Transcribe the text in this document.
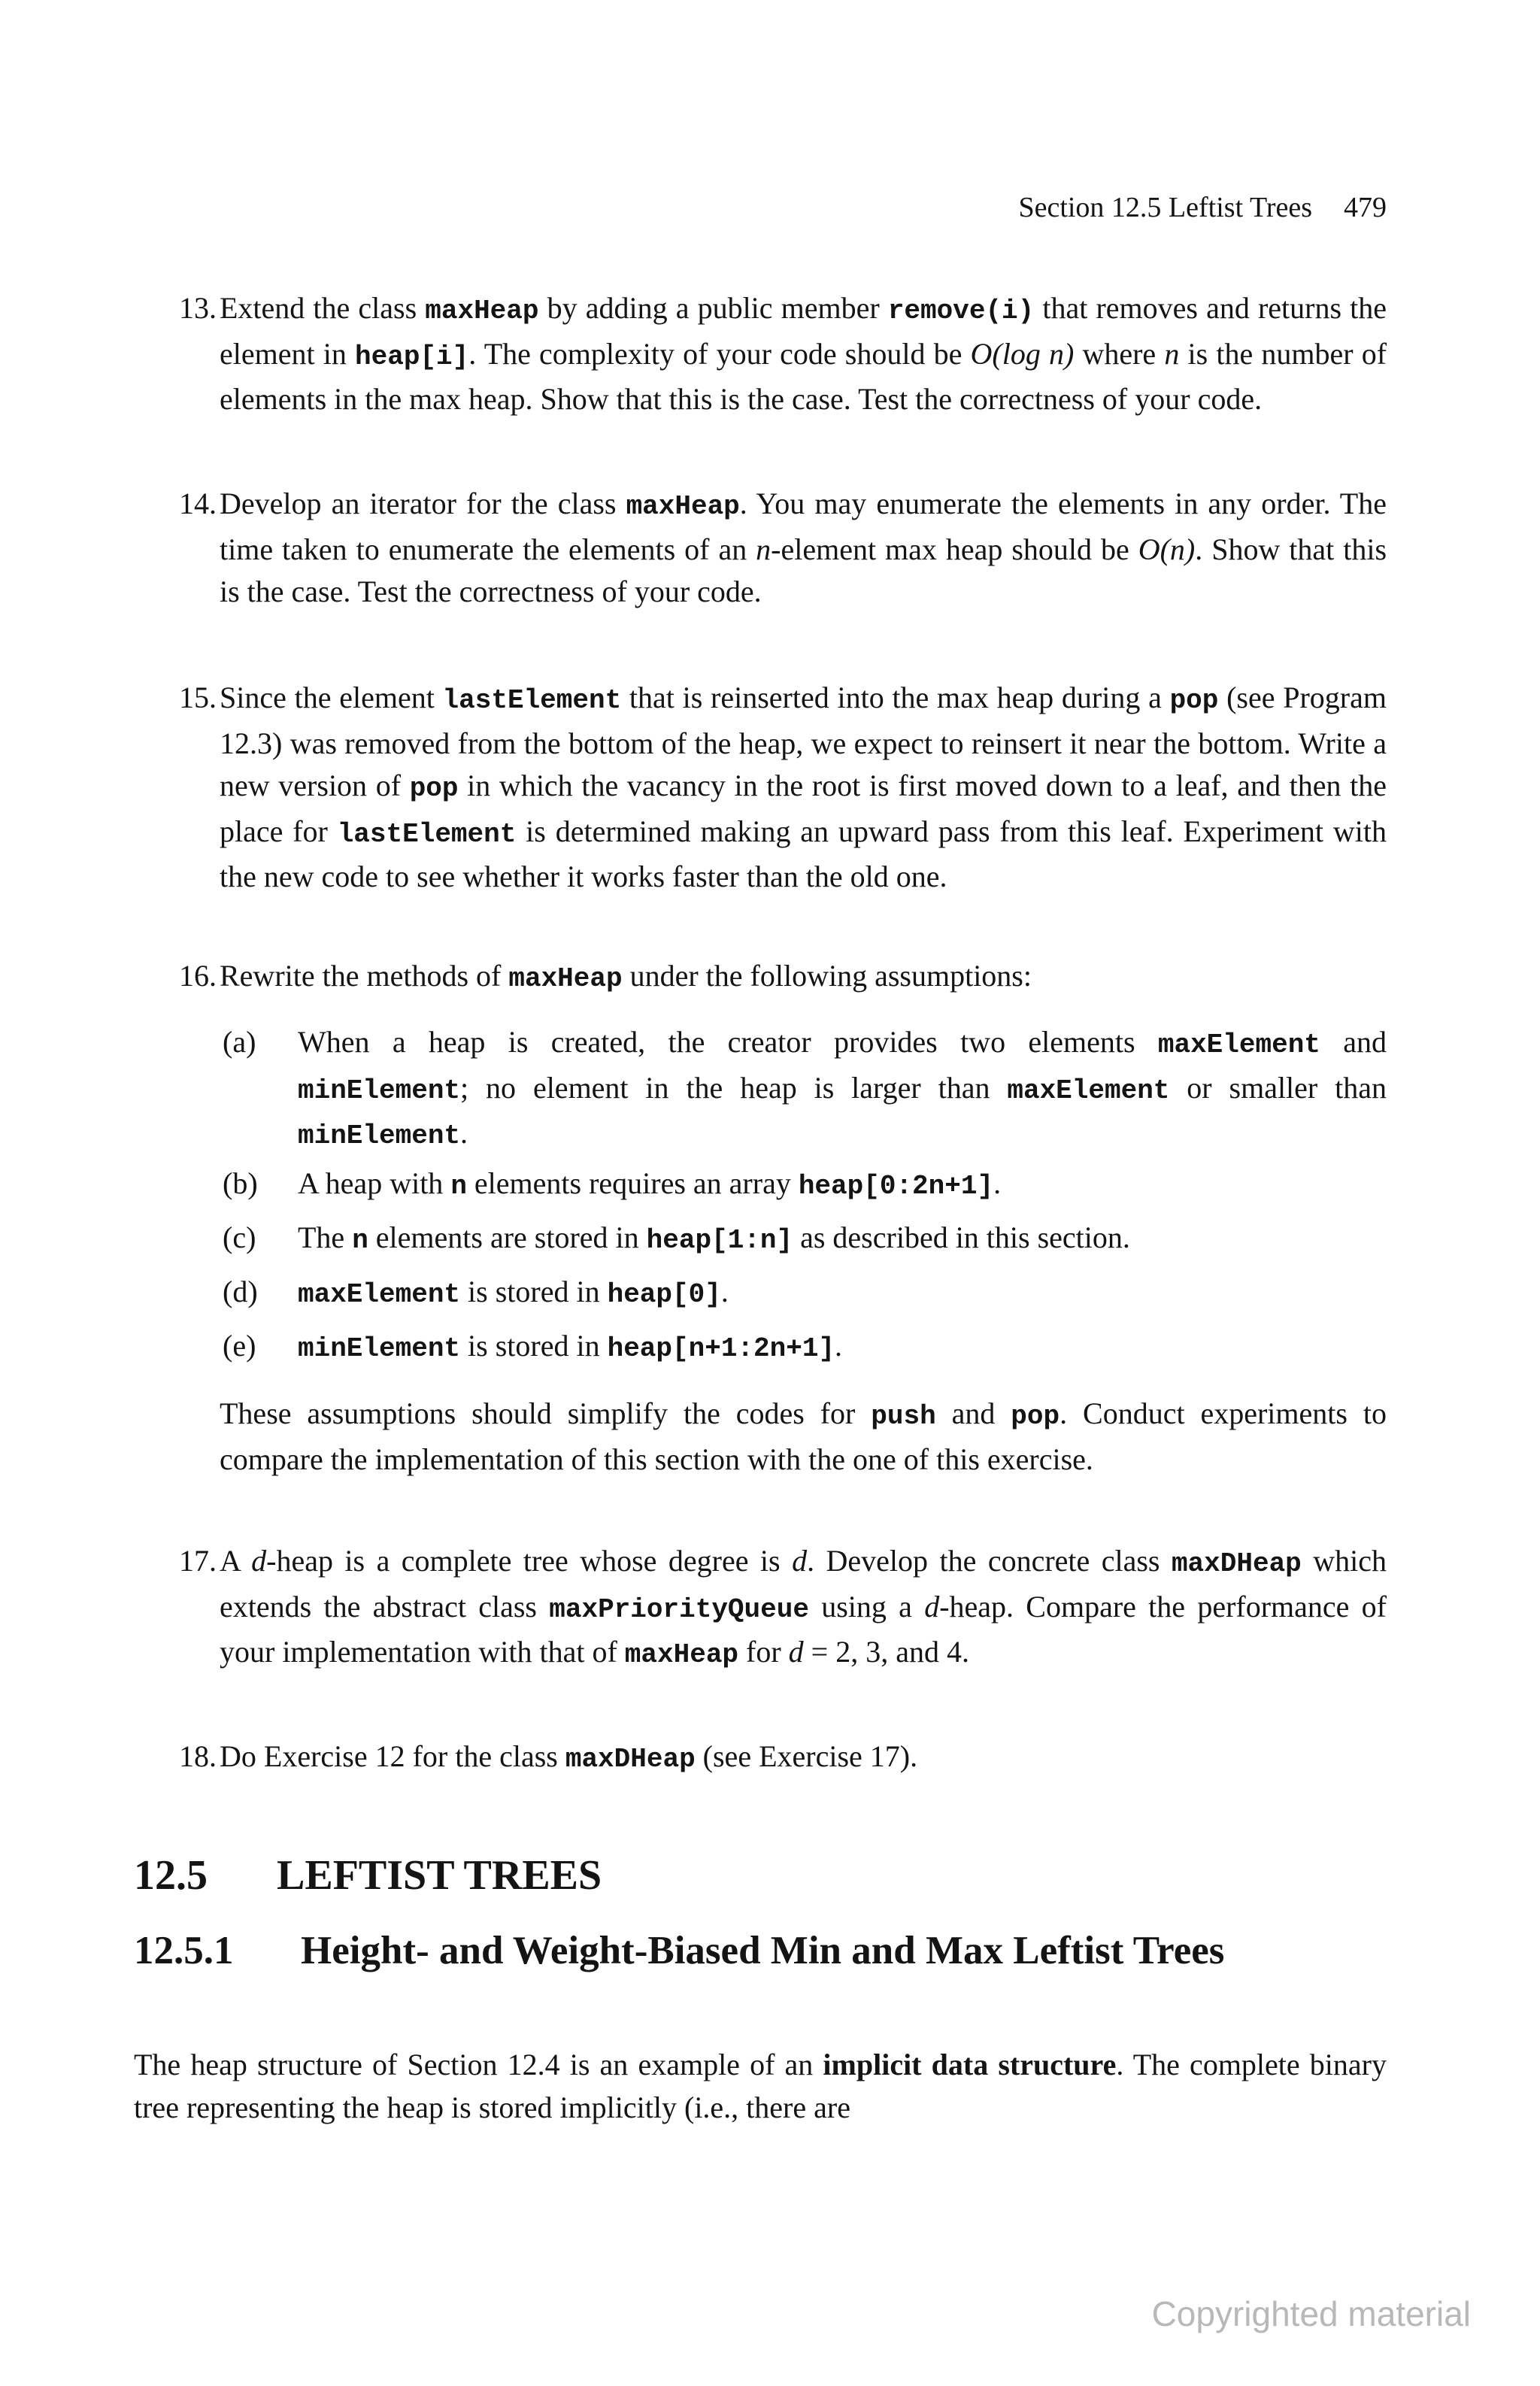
Section 12.5 Leftist Trees 479
13. Extend the class maxHeap by adding a public member remove(i) that removes and returns the element in heap[i]. The complexity of your code should be O(log n) where n is the number of elements in the max heap. Show that this is the case. Test the correctness of your code.
14. Develop an iterator for the class maxHeap. You may enumerate the elements in any order. The time taken to enumerate the elements of an n-element max heap should be O(n). Show that this is the case. Test the correctness of your code.
15. Since the element lastElement that is reinserted into the max heap during a pop (see Program 12.3) was removed from the bottom of the heap, we expect to reinsert it near the bottom. Write a new version of pop in which the vacancy in the root is first moved down to a leaf, and then the place for lastElement is determined making an upward pass from this leaf. Experiment with the new code to see whether it works faster than the old one.
16. Rewrite the methods of maxHeap under the following assumptions:
(a) When a heap is created, the creator provides two elements maxElement and minElement; no element in the heap is larger than maxElement or smaller than minElement.
(b) A heap with n elements requires an array heap[0:2n+1].
(c) The n elements are stored in heap[1:n] as described in this section.
(d) maxElement is stored in heap[0].
(e) minElement is stored in heap[n+1:2n+1].
These assumptions should simplify the codes for push and pop. Conduct experiments to compare the implementation of this section with the one of this exercise.
17. A d-heap is a complete tree whose degree is d. Develop the concrete class maxDHeap which extends the abstract class maxPriorityQueue using a d-heap. Compare the performance of your implementation with that of maxHeap for d = 2, 3, and 4.
18. Do Exercise 12 for the class maxDHeap (see Exercise 17).
12.5 LEFTIST TREES
12.5.1 Height- and Weight-Biased Min and Max Leftist Trees
The heap structure of Section 12.4 is an example of an implicit data structure. The complete binary tree representing the heap is stored implicitly (i.e., there are
Copyrighted material
